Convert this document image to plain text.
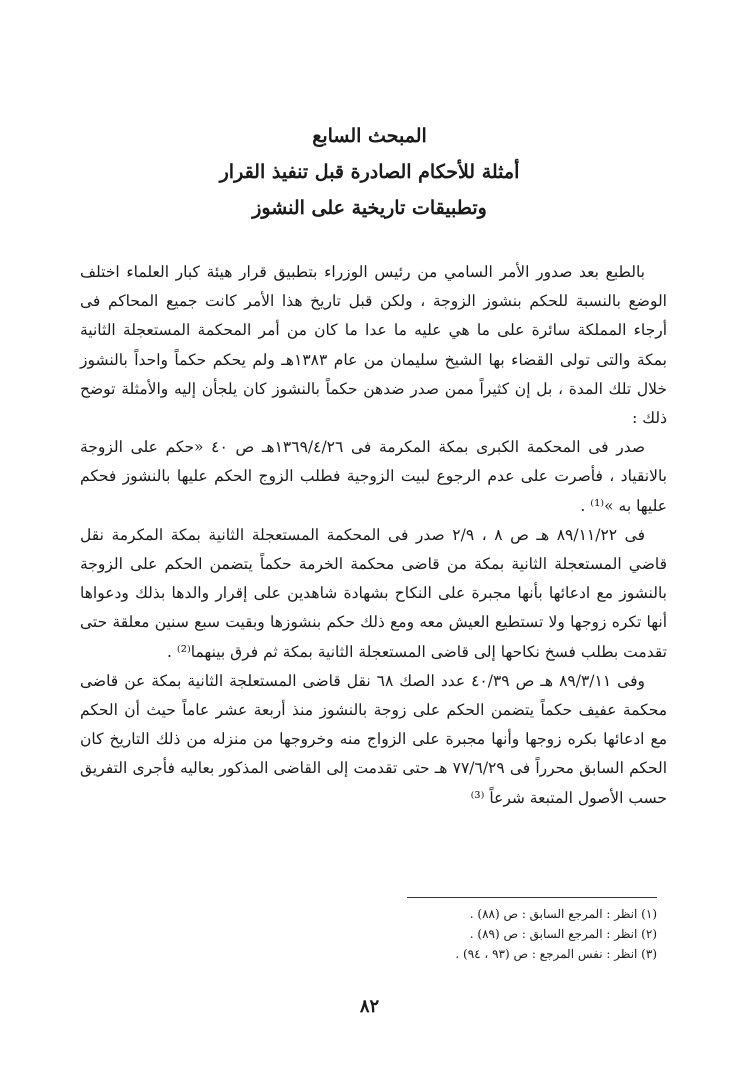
المبحث السابع
أمثلة للأحكام الصادرة قبل تنفيذ القرار
وتطبيقات تاريخية على النشوز

بالطبع بعد صدور الأمر السامي من رئيس الوزراء بتطبيق قرار هيئة كبار العلماء اختلف الوضع بالنسبة للحكم بنشوز الزوجة ، ولكن قبل تاريخ هذا الأمر كانت جميع المحاكم فى أرجاء المملكة سائرة على ما هي عليه ما عدا ما كان من أمر المحكمة المستعجلة الثانية بمكة والتى تولى القضاء بها الشيخ سليمان من عام ١٣٨٣هـ ولم يحكم حكماً واحداً بالنشوز خلال تلك المدة ، بل إن كثيراً ممن صدر ضدهن حكماً بالنشوز كان يلجأن إليه والأمثلة توضح ذلك :

صدر فى المحكمة الكبرى بمكة المكرمة فى ١٣٦٩/٤/٢٦هـ ص ٤٠ «حكم على الزوجة بالانقياد ، فأصرت على عدم الرجوع لبيت الزوجية فطلب الزوج الحكم عليها بالنشوز فحكم عليها به »⁽¹⁾ .

فى ٨٩/١١/٢٢ هـ ص ٨ ، ٢/٩ صدر فى المحكمة المستعجلة الثانية بمكة المكرمة نقل قاضي المستعجلة الثانية بمكة من قاضى محكمة الخرمة حكماً يتضمن الحكم على الزوجة بالنشوز مع ادعائها بأنها مجبرة على النكاح بشهادة شاهدين على إقرار والدها بذلك ودعواها أنها تكره زوجها ولا تستطيع العيش معه ومع ذلك حكم بنشوزها وبقيت سبع سنين معلقة حتى تقدمت بطلب فسخ نكاحها إلى قاضى المستعجلة الثانية بمكة ثم فرق بينهما⁽²⁾ .

وفى ٨٩/٣/١١ هـ ص ٤٠/٣٩ عدد الصك ٦٨ نقل قاضى المستعلجة الثانية بمكة عن قاضى محكمة عفيف حكماً يتضمن الحكم على زوجة بالنشوز منذ أربعة عشر عاماً حيث أن الحكم مع ادعائها بكره زوجها وأنها مجبرة على الزواج منه وخروجها من منزله من ذلك التاريخ كان الحكم السابق محرراً فى ٧٧/٦/٢٩ هـ حتى تقدمت إلى القاضى المذكور بعاليه فأجرى التفريق حسب الأصول المتبعة شرعاً ⁽³⁾

(١) انظر : المرجع السابق : ص (٨٨) .
(٢) انظر : المرجع السابق : ص (٨٩) .
(٣) انظر : نفس المرجع : ص (٩٣ ، ٩٤) .
٨٢
